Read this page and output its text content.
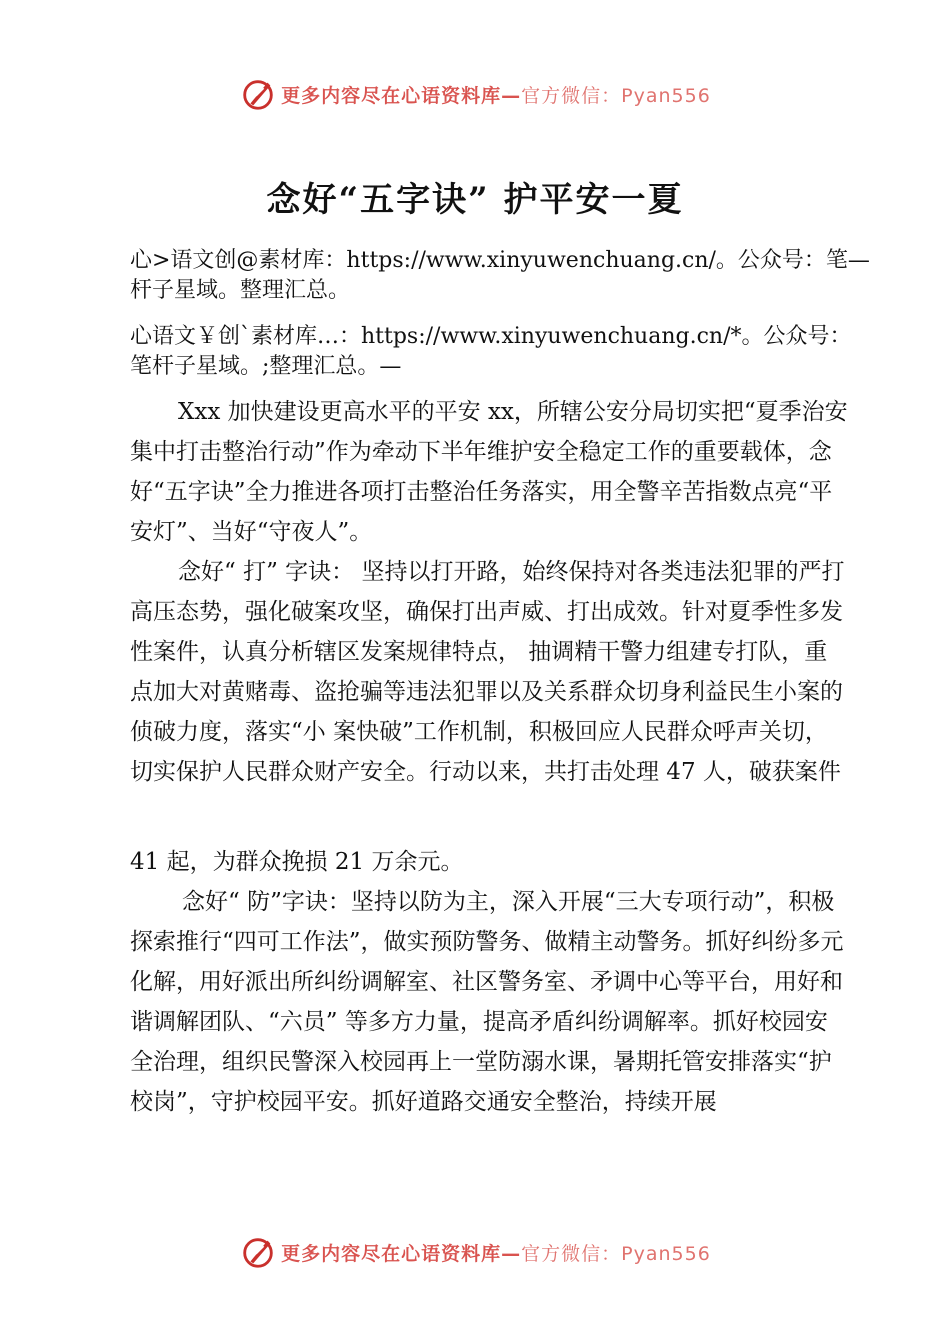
更多内容尽在心语资料库—官方微信：Pyan556
念好“五字诀” 护平安一夏

心>语文创@素材库：https://www.xinyuwenchuang.cn/。公众号：笔—杆子星域。整理汇总。

心语文￥创`素材库…：https://www.xinyuwenchuang.cn/*。公众号：笔杆子星域。;整理汇总。—

Xxx 加快建设更高水平的平安 xx，所辖公安分局切实把“夏季治安集中打击整治行动”作为牵动下半年维护安全稳定工作的重要载体，念好“五字诀”全力推进各项打击整治任务落实，用全警辛苦指数点亮“平安灯”、当好“守夜人”。

念好“ 打” 字诀： 坚持以打开路，始终保持对各类违法犯罪的严打高压态势，强化破案攻坚，确保打出声威、打出成效。针对夏季性多发性案件，认真分析辖区发案规律特点， 抽调精干警力组建专打队，重点加大对黄赌毒、盗抢骗等违法犯罪以及关系群众切身利益民生小案的侦破力度，落实“小 案快破”工作机制，积极回应人民群众呼声关切，切实保护人民群众财产安全。行动以来，共打击处理 47 人，破获案件

41 起，为群众挽损 21 万余元。

念好“ 防”字诀：坚持以防为主，深入开展“三大专项行动”，积极探索推行“四可工作法”，做实预防警务、做精主动警务。抓好纠纷多元化解，用好派出所纠纷调解室、社区警务室、矛调中心等平台，用好和谐调解团队、“六员” 等多方力量，提高矛盾纠纷调解率。抓好校园安全治理，组织民警深入校园再上一堂防溺水课，暑期托管安排落实“护校岗”，守护校园平安。抓好道路交通安全整治，持续开展

更多内容尽在心语资料库—官方微信：Pyan556
